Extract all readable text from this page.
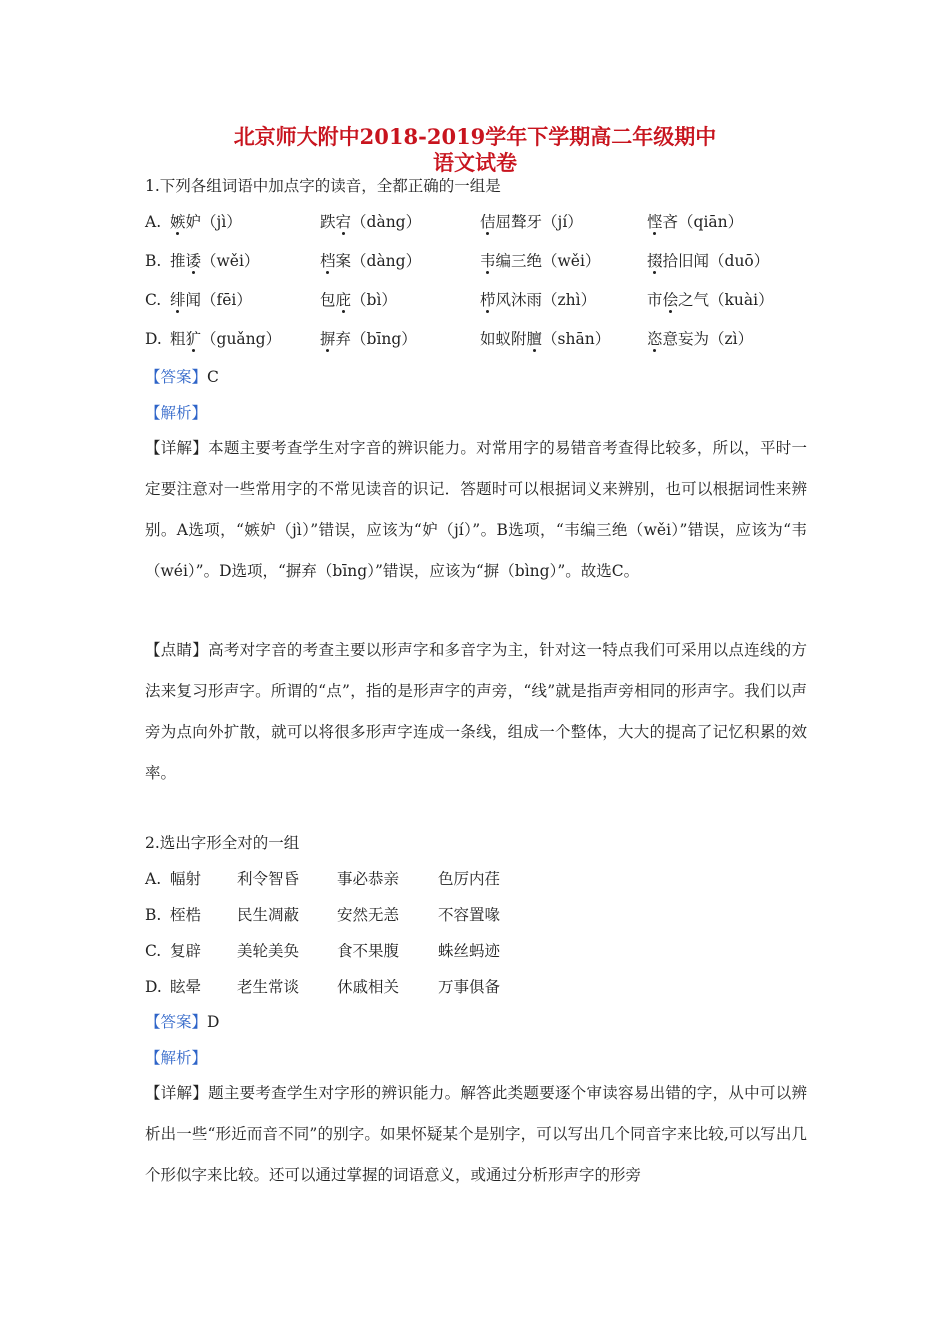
北京师大附中2018-2019学年下学期高二年级期中
语文试卷
1.下列各组词语中加点字的读音，全都正确的一组是
A. 嫉妒（jì）	跌宕（dàng）	佶屈聱牙（jí）	悭吝（qiān）
B. 推诿（wěi）	档案（dàng）	韦编三绝（wěi）	掇拾旧闻（duō）
C. 绯闻（fēi）	包庇（bì）	栉风沐雨（zhì）	市侩之气（kuài）
D. 粗犷（guǎng）	摒弃（bīng）	如蚁附膻（shān） 恣意妄为（zì）
【答案】C
【解析】
【详解】本题主要考查学生对字音的辨识能力。对常用字的易错音考查得比较多，所以，平时一定要注意对一些常用字的不常见读音的识记．答题时可以根据词义来辨别，也可以根据词性来辨别。A选项，“嫉妒（jì）”错误，应该为“妒（jí）”。B选项，“韦编三绝（wěi）”错误，应该为“韦（wéi）”。D选项，“摒弃（bīng）”错误，应该为“摒（bìng）”。故选C。
【点睛】高考对字音的考查主要以形声字和多音字为主，针对这一特点我们可采用以点连线的方法来复习形声字。所谓的“点”，指的是形声字的声旁，“线”就是指声旁相同的形声字。我们以声旁为点向外扩散，就可以将很多形声字连成一条线，组成一个整体，大大的提高了记忆积累的效率。
2.选出字形全对的一组
A. 幅射 利令智昏 事必恭亲	色厉内荏
B. 桎梏 民生凋蔽 安然无恙	不容置喙
C. 复辟 美轮美奂 食不果腹	蛛丝蚂迹
D. 眩晕 老生常谈 休戚相关	万事俱备
【答案】D
【解析】
【详解】题主要考查学生对字形的辨识能力。解答此类题要逐个审读容易出错的字，从中可以辨析出一些“形近而音不同”的别字。如果怀疑某个是别字，可以写出几个同音字来比较,可以写出几个形似字来比较。还可以通过掌握的词语意义，或通过分析形声字的形旁
